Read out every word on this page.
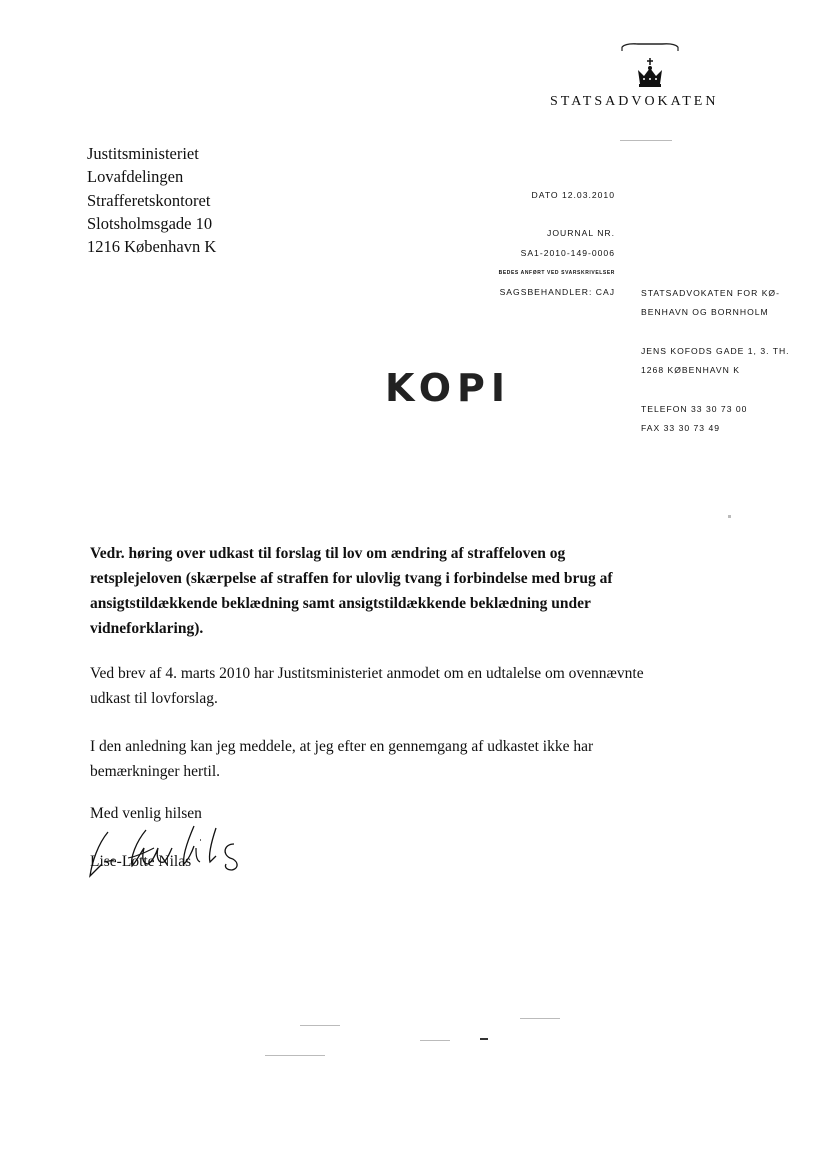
STATSADVOKATEN
Justitsministeriet
Lovafdelingen
Strafferetskontoret
Slotsholmsgade 10
1216 København K
DATO 12.03.2010
JOURNAL NR.
SA1-2010-149-0006
BEDES ANFØRT VED SVARSKRIVELSER
SAGSBEHANDLER: CAJ	STATSADVOKATEN FOR KØ-
BENHAVN OG BORNHOLM
JENS KOFODS GADE 1, 3. TH.
1268 KØBENHAVN K
TELEFON 33 30 73 00
FAX 33 30 73 49
KOPI
Vedr. høring over udkast til forslag til lov om ændring af straffeloven og retsplejeloven (skærpelse af straffen for ulovlig tvang i forbindelse med brug af ansigtstildækkende beklædning samt ansigtstildækkende beklædning under vidneforklaring).
Ved brev af 4. marts 2010 har Justitsministeriet anmodet om en udtalelse om ovennævnte udkast til lovforslag.
I den anledning kan jeg meddele, at jeg efter en gennemgang af udkastet ikke har bemærkninger hertil.
Med venlig hilsen
Lise-Lotte Nilas
